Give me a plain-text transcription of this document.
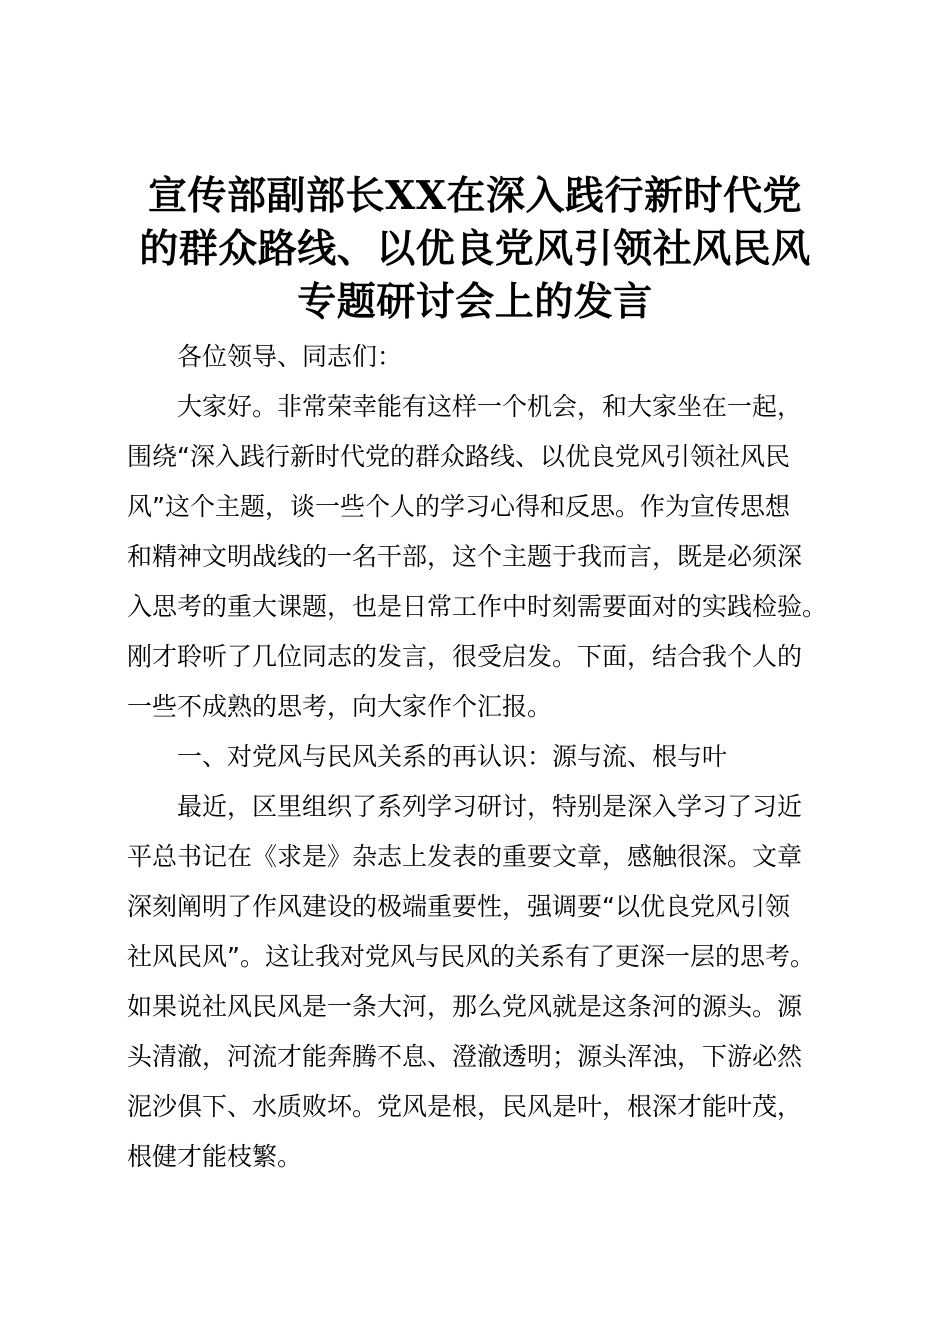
宣传部副部长XX在深入践行新时代党
的群众路线、以优良党风引领社风民风
专题研讨会上的发言
各位领导、同志们：
大家好。非常荣幸能有这样一个机会，和大家坐在一起，
围绕“深入践行新时代党的群众路线、以优良党风引领社风民
风”这个主题，谈一些个人的学习心得和反思。作为宣传思想
和精神文明战线的一名干部，这个主题于我而言，既是必须深
入思考的重大课题，也是日常工作中时刻需要面对的实践检验。
刚才聆听了几位同志的发言，很受启发。下面，结合我个人的
一些不成熟的思考，向大家作个汇报。
一、对党风与民风关系的再认识：源与流、根与叶
最近，区里组织了系列学习研讨，特别是深入学习了习近
平总书记在《求是》杂志上发表的重要文章，感触很深。文章
深刻阐明了作风建设的极端重要性，强调要“以优良党风引领
社风民风”。这让我对党风与民风的关系有了更深一层的思考。
如果说社风民风是一条大河，那么党风就是这条河的源头。源
头清澈，河流才能奔腾不息、澄澈透明；源头浑浊，下游必然
泥沙俱下、水质败坏。党风是根，民风是叶，根深才能叶茂，
根健才能枝繁。
